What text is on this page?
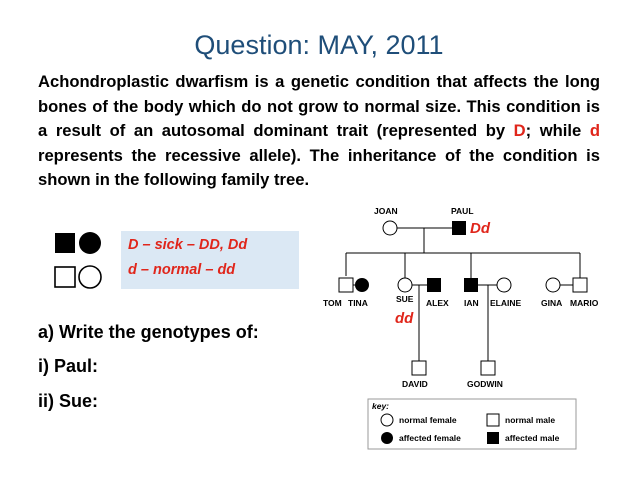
Question: MAY, 2011
Achondroplastic dwarfism is a genetic condition that affects the long bones of the body which do not grow to normal size. This condition is a result of an autosomal dominant trait (represented by D; while d represents the recessive allele). The inheritance of the condition is shown in the following family tree.
D – sick – DD, Dd
d – normal – dd
a) Write the genotypes of:
i) Paul:
ii) Sue:
JOAN	PAUL
TOM TINA	SUE ALEX IAN ELAINE GINA MARIO
DAVID	GODWIN
key:
normal female	normal male
affected female	affected male
Dd
dd
